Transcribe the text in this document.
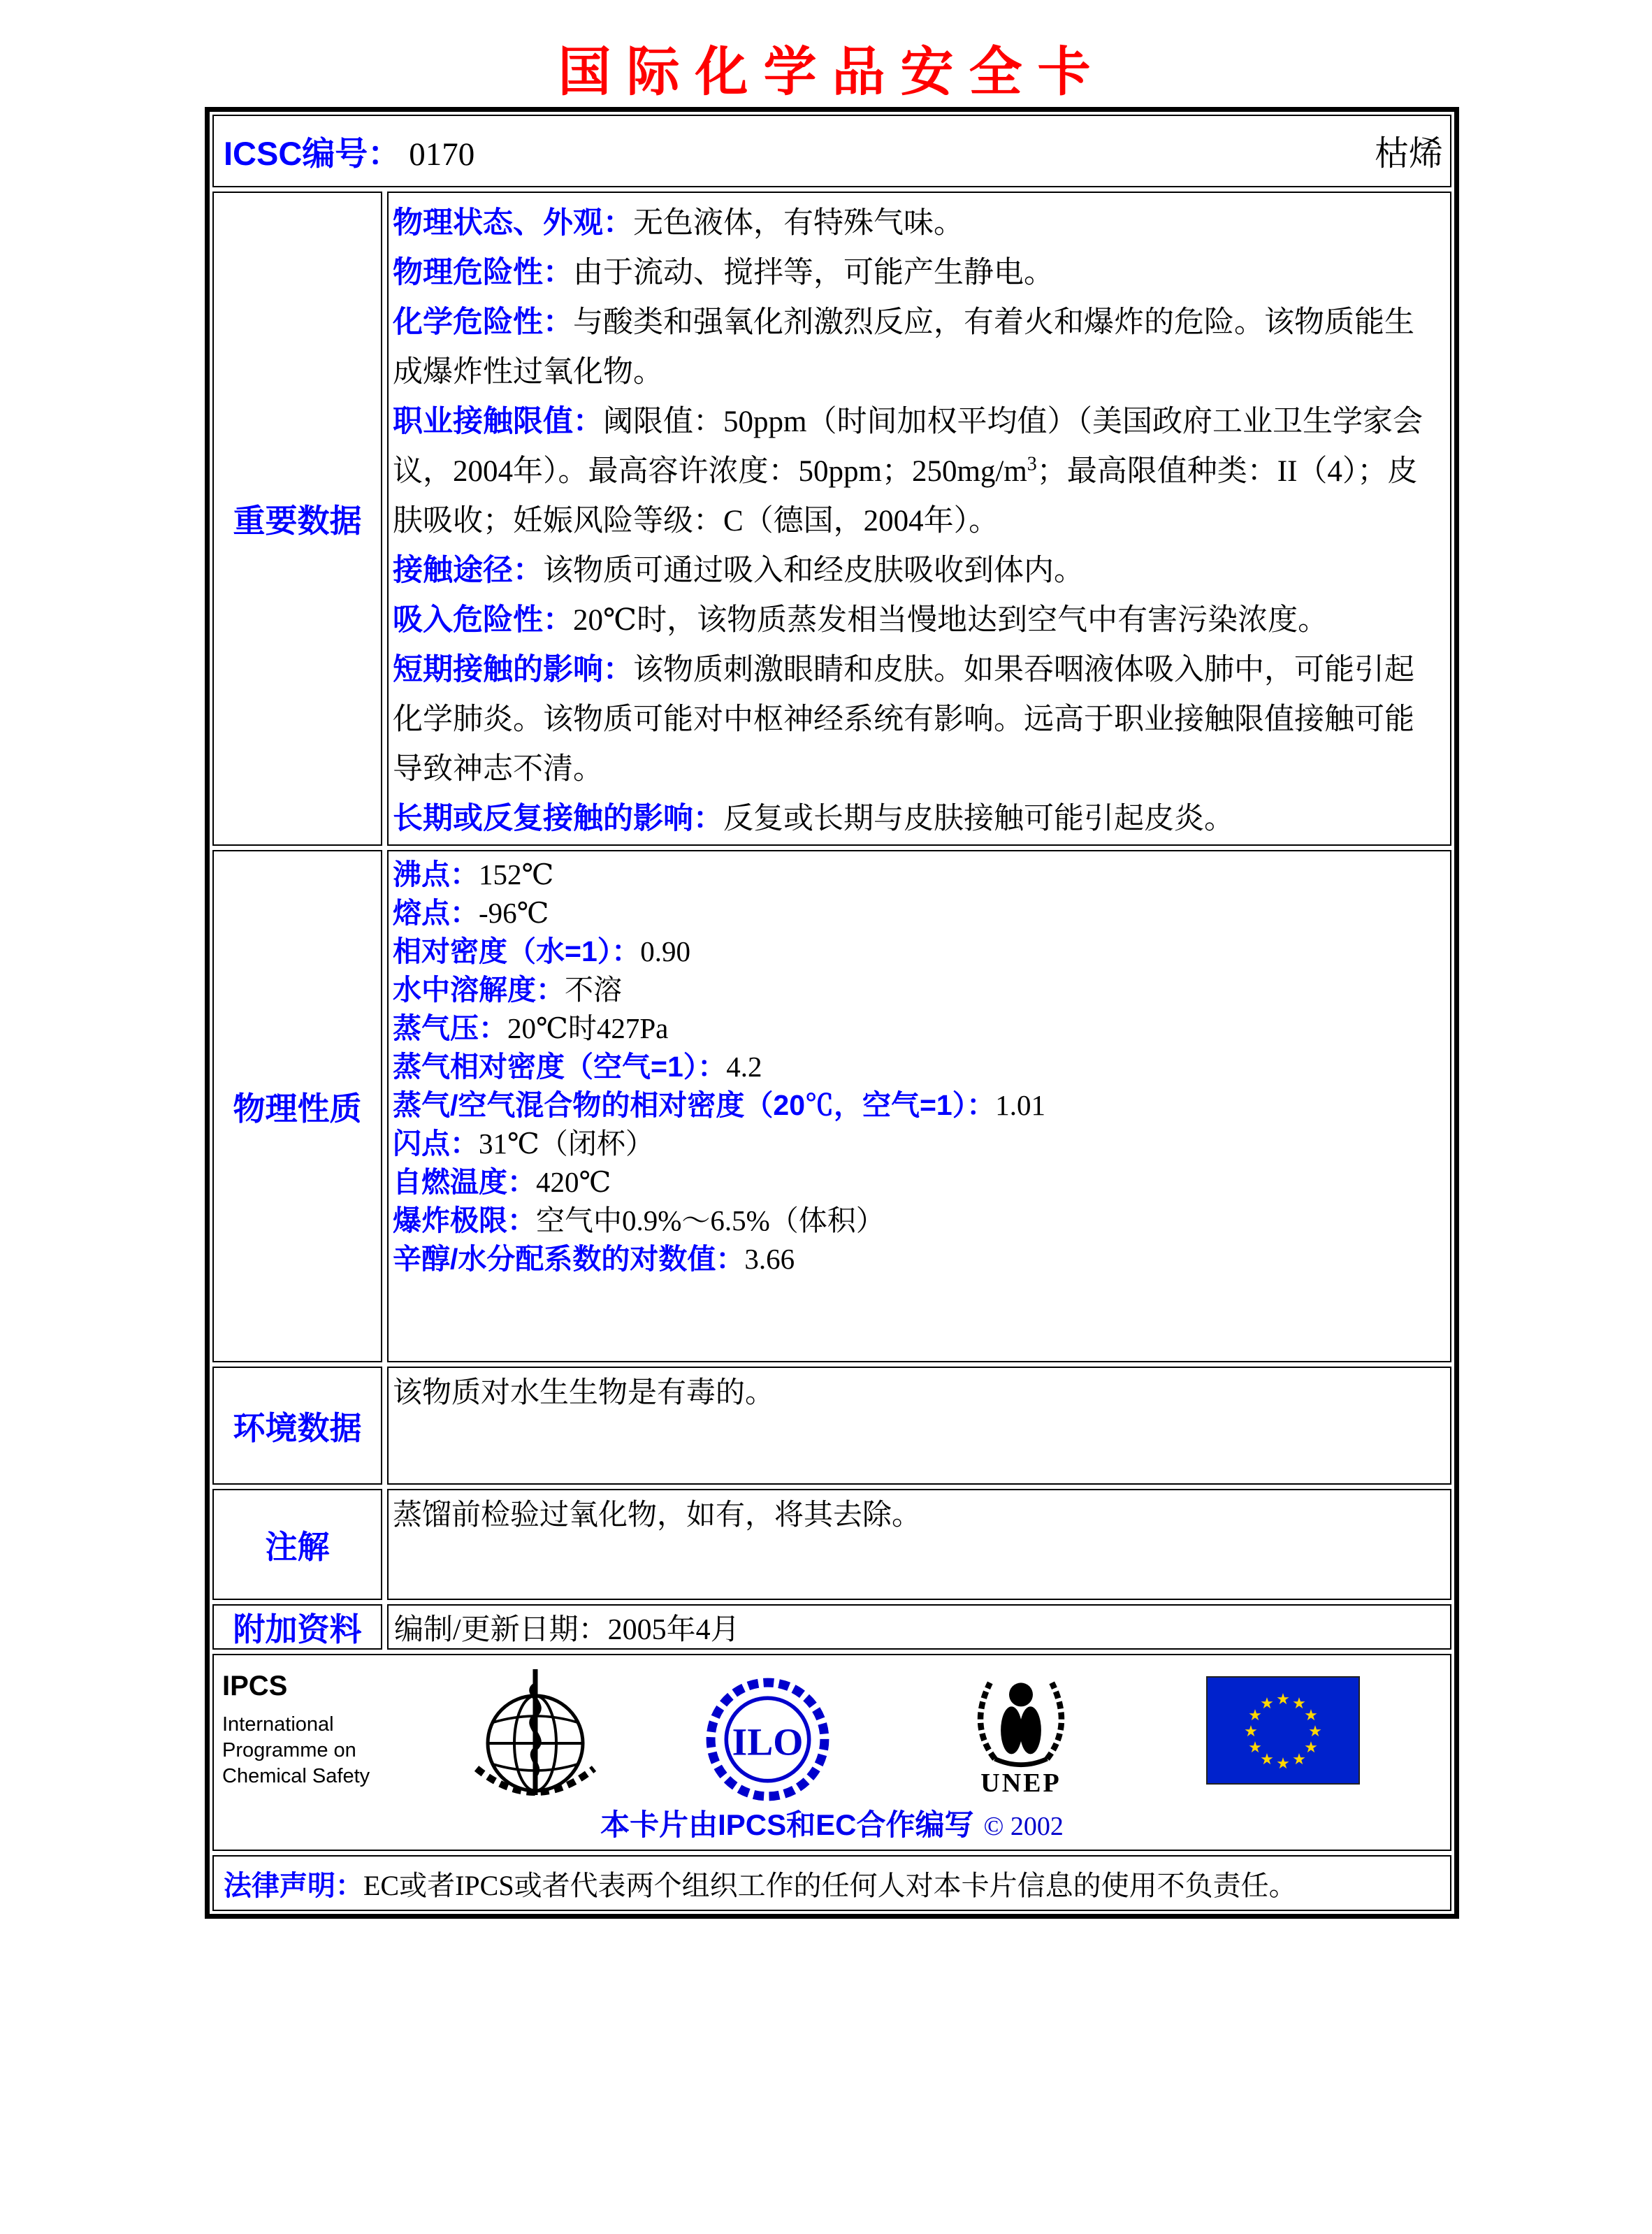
国际化学品安全卡
ICSC编号： 0170	枯烯
重要数据
物理状态、外观：无色液体，有特殊气味。
物理危险性：由于流动、搅拌等，可能产生静电。
化学危险性：与酸类和强氧化剂激烈反应，有着火和爆炸的危险。该物质能生成爆炸性过氧化物。
职业接触限值：阈限值：50ppm（时间加权平均值）（美国政府工业卫生学家会议，2004年）。最高容许浓度：50ppm；$250mg/m^3$；最高限值种类：II（4）；皮肤吸收；妊娠风险等级：C（德国，2004年）。
接触途径：该物质可通过吸入和经皮肤吸收到体内。
吸入危险性：20℃时，该物质蒸发相当慢地达到空气中有害污染浓度。
短期接触的影响：该物质刺激眼睛和皮肤。如果吞咽液体吸入肺中，可能引起化学肺炎。该物质可能对中枢神经系统有影响。远高于职业接触限值接触可能导致神志不清。
长期或反复接触的影响：反复或长期与皮肤接触可能引起皮炎。
物理性质
沸点：152℃
熔点：-96℃
相对密度（水=1）：0.90
水中溶解度：不溶
蒸气压：20℃时427Pa
蒸气相对密度（空气=1）：4.2
蒸气/空气混合物的相对密度（20℃，空气=1）：1.01
闪点：31℃（闭杯）
自燃温度：420℃
爆炸极限：空气中0.9%～6.5%（体积）
辛醇/水分配系数的对数值：3.66
环境数据
该物质对水生生物是有毒的。
注解
蒸馏前检验过氧化物，如有，将其去除。
附加资料	编制/更新日期：2005年4月
IPCS
International
Programme on
Chemical Safety
ILO
UNEP
★ ★
★
★
★
★
★
★
★
★
★
★
本卡片由IPCS和EC合作编写 © 2002
法律声明： EC或者IPCS或者代表两个组织工作的任何人对本卡片信息的使用不负责任。
